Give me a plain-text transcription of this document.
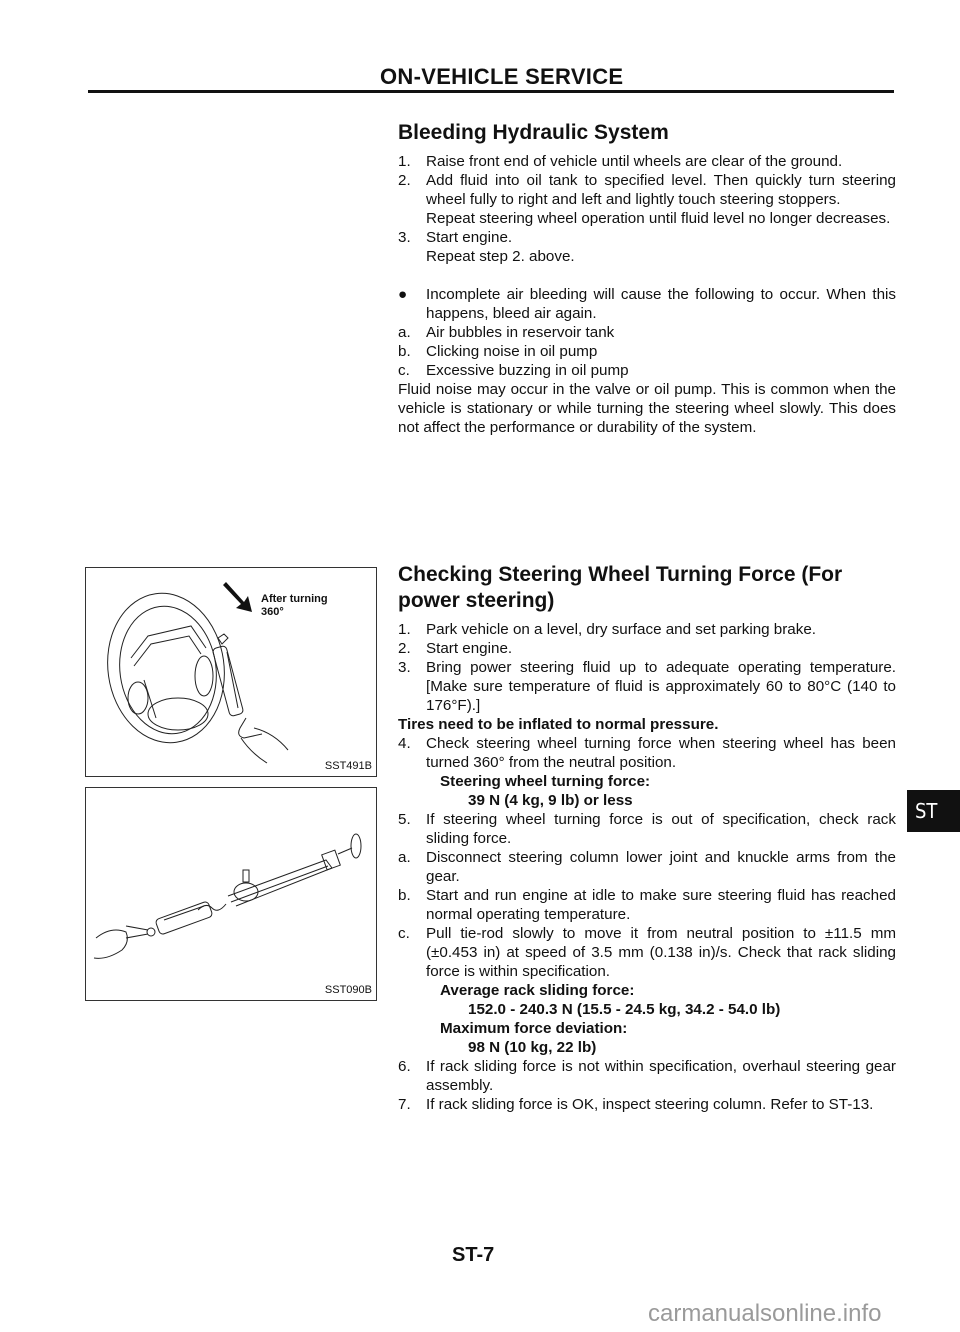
ON-VEHICLE SERVICE
Bleeding Hydraulic System
1.	Raise front end of vehicle until wheels are clear of the ground.
2.	Add fluid into oil tank to specified level. Then quickly turn steering wheel fully to right and left and lightly touch steering stoppers.
Repeat steering wheel operation until fluid level no longer decreases.
3.	Start engine.
Repeat step 2. above.
●	Incomplete air bleeding will cause the following to occur. When this happens, bleed air again.
a.	Air bubbles in reservoir tank
b.	Clicking noise in oil pump
c.	Excessive buzzing in oil pump
Fluid noise may occur in the valve or oil pump. This is common when the vehicle is stationary or while turning the steering wheel slowly. This does not affect the performance or durability of the system.
Checking Steering Wheel Turning Force (For power steering)
1.	Park vehicle on a level, dry surface and set parking brake.
2.	Start engine.
3.	Bring power steering fluid up to adequate operating temperature. [Make sure temperature of fluid is approximately 60 to 80°C (140 to 176°F).]
Tires need to be inflated to normal pressure.
4.	Check steering wheel turning force when steering wheel has been turned 360° from the neutral position.
Steering wheel turning force:
39 N (4 kg, 9 lb) or less
5.	If steering wheel turning force is out of specification, check rack sliding force.
a.	Disconnect steering column lower joint and knuckle arms from the gear.
b.	Start and run engine at idle to make sure steering fluid has reached normal operating temperature.
c.	Pull tie-rod slowly to move it from neutral position to ±11.5 mm (±0.453 in) at speed of 3.5 mm (0.138 in)/s. Check that rack sliding force is within specification.
Average rack sliding force:
152.0 - 240.3 N (15.5 - 24.5 kg, 34.2 - 54.0 lb)
Maximum force deviation:
98 N (10 kg, 22 lb)
6.	If rack sliding force is not within specification, overhaul steering gear assembly.
7.	If rack sliding force is OK, inspect steering column. Refer to ST-13.
After turning
360°
SST491B
SST090B
ST
ST-7
carmanualsonline.info
